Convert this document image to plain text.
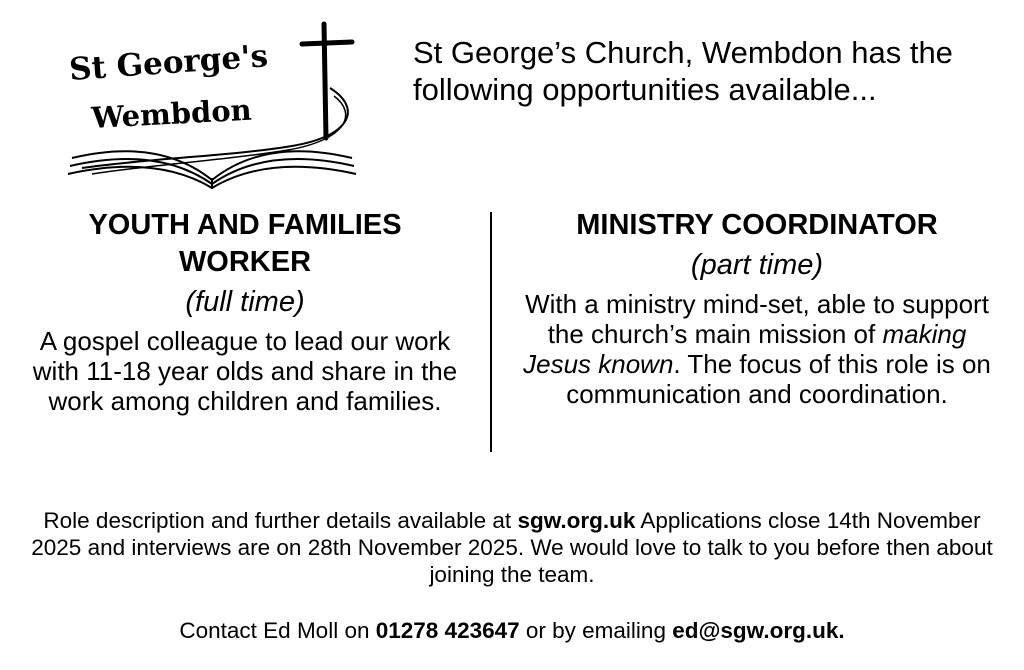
St George's
Wembdon
St George’s Church, Wembdon has the following opportunities available...

YOUTH AND FAMILIES
WORKER

(full time)

A gospel colleague to lead our work with 11-18 year olds and share in the work among children and families.

MINISTRY COORDINATOR

(part time)

With a ministry mind-set, able to support the church’s main mission of making Jesus known. The focus of this role is on communication and coordination.

Role description and further details available at sgw.org.uk Applications close 14th November 2025 and interviews are on 28th November 2025. We would love to talk to you before then about joining the team.
Contact Ed Moll on 01278 423647 or by emailing ed@sgw.org.uk.
